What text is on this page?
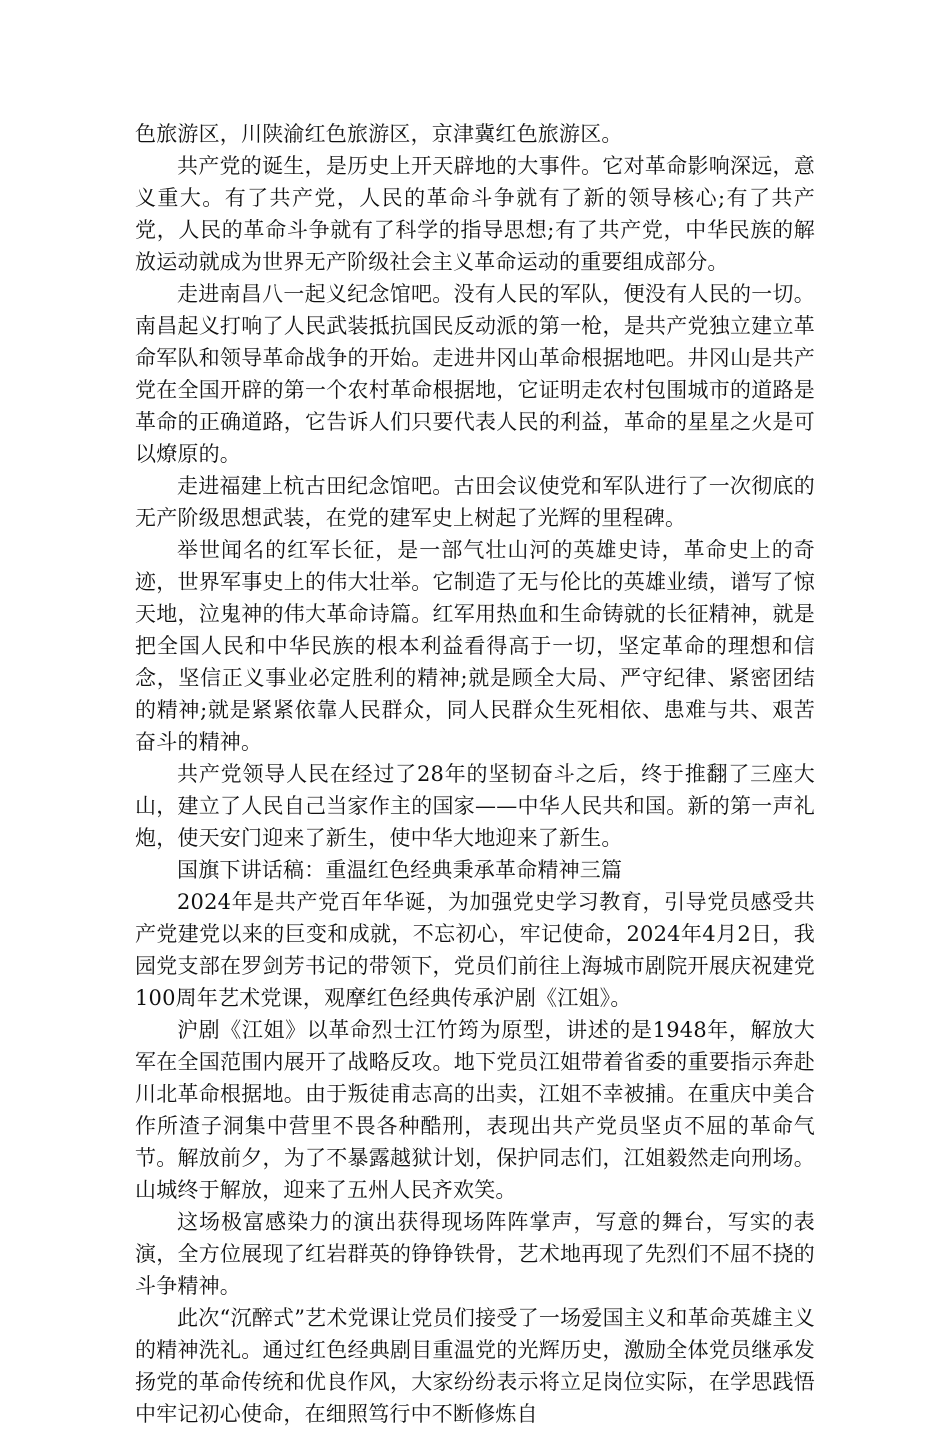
色旅游区，川陕渝红色旅游区，京津冀红色旅游区。

共产党的诞生，是历史上开天辟地的大事件。它对革命影响深远，意义重大。有了共产党，人民的革命斗争就有了新的领导核心;有了共产党，人民的革命斗争就有了科学的指导思想;有了共产党，中华民族的解放运动就成为世界无产阶级社会主义革命运动的重要组成部分。

走进南昌八一起义纪念馆吧。没有人民的军队，便没有人民的一切。南昌起义打响了人民武装抵抗国民反动派的第一枪，是共产党独立建立革命军队和领导革命战争的开始。走进井冈山革命根据地吧。井冈山是共产党在全国开辟的第一个农村革命根据地，它证明走农村包围城市的道路是革命的正确道路，它告诉人们只要代表人民的利益，革命的星星之火是可以燎原的。

走进福建上杭古田纪念馆吧。古田会议使党和军队进行了一次彻底的无产阶级思想武装，在党的建军史上树起了光辉的里程碑。

举世闻名的红军长征，是一部气壮山河的英雄史诗，革命史上的奇迹，世界军事史上的伟大壮举。它制造了无与伦比的英雄业绩，谱写了惊天地，泣鬼神的伟大革命诗篇。红军用热血和生命铸就的长征精神，就是把全国人民和中华民族的根本利益看得高于一切，坚定革命的理想和信念，坚信正义事业必定胜利的精神;就是顾全大局、严守纪律、紧密团结的精神;就是紧紧依靠人民群众，同人民群众生死相依、患难与共、艰苦奋斗的精神。

共产党领导人民在经过了28年的坚韧奋斗之后，终于推翻了三座大山，建立了人民自己当家作主的国家——中华人民共和国。新的第一声礼炮，使天安门迎来了新生，使中华大地迎来了新生。

国旗下讲话稿：重温红色经典秉承革命精神三篇

2024年是共产党百年华诞，为加强党史学习教育，引导党员感受共产党建党以来的巨变和成就，不忘初心，牢记使命，2024年4月2日，我园党支部在罗剑芳书记的带领下，党员们前往上海城市剧院开展庆祝建党100周年艺术党课，观摩红色经典传承沪剧《江姐》。

沪剧《江姐》以革命烈士江竹筠为原型，讲述的是1948年，解放大军在全国范围内展开了战略反攻。地下党员江姐带着省委的重要指示奔赴川北革命根据地。由于叛徒甫志高的出卖，江姐不幸被捕。在重庆中美合作所渣子洞集中营里不畏各种酷刑，表现出共产党员坚贞不屈的革命气节。解放前夕，为了不暴露越狱计划，保护同志们，江姐毅然走向刑场。山城终于解放，迎来了五州人民齐欢笑。

这场极富感染力的演出获得现场阵阵掌声，写意的舞台，写实的表演，全方位展现了红岩群英的铮铮铁骨，艺术地再现了先烈们不屈不挠的斗争精神。

此次“沉醉式”艺术党课让党员们接受了一场爱国主义和革命英雄主义的精神洗礼。通过红色经典剧目重温党的光辉历史，激励全体党员继承发扬党的革命传统和优良作风，大家纷纷表示将立足岗位实际，在学思践悟中牢记初心使命，在细照笃行中不断修炼自
